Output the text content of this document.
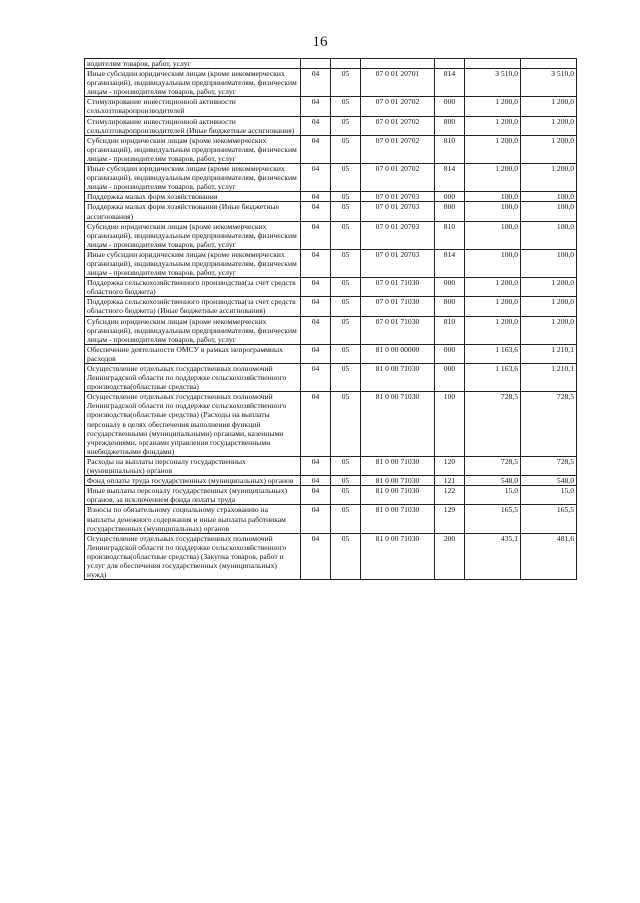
16
водителям товаров, работ, услуг						
Иные субсидии юридическим лицам (кроме некоммерческих организаций), индивидуальным предпринимателям, физическим лицам - производителям товаров, работ, услуг	04	05	07 0 01 20701	814	3 510,0	3 510,0
Стимулирование инвестиционной активности сельхозтоваропроизводителей	04	05	07 0 01 20702	000	1 200,0	1 200,0
Стимулирование инвестиционной активности сельхозтоваропроизводителей (Иные бюджетные ассигнования)	04	05	07 0 01 20702	800	1 200,0	1 200,0
Субсидии юридическим лицам (кроме некоммерческих организаций), индивидуальным предпринимателям, физическим лицам - производителям товаров, работ, услуг	04	05	07 0 01 20702	810	1 200,0	1 200,0
Иные субсидии юридическим лицам (кроме некоммерческих организаций), индивидуальным предпринимателям, физическим лицам - производителям товаров, работ, услуг	04	05	07 0 01 20702	814	1 200,0	1 200,0
Поддержка малых форм хозяйствования	04	05	07 0 01 20703	000	100,0	100,0
Поддержка малых форм хозяйствования (Иные бюджетные ассигнования)	04	05	07 0 01 20703	800	100,0	100,0
Субсидии юридическим лицам (кроме некоммерческих организаций), индивидуальным предпринимателям, физическим лицам - производителям товаров, работ, услуг	04	05	07 0 01 20703	810	100,0	100,0
Иные субсидии юридическим лицам (кроме некоммерческих организаций), индивидуальным предпринимателям, физическим лицам - производителям товаров, работ, услуг	04	05	07 0 01 20703	814	100,0	100,0
Поддержка сельскохозяйственного производства(за счет средств областного бюджета)	04	05	07 0 01 71030	000	1 200,0	1 200,0
Поддержка сельскохозяйственного производства(за счет средств областного бюджета) (Иные бюджетные ассигнования)	04	05	07 0 01 71030	800	1 200,0	1 200,0
Субсидии юридическим лицам (кроме некоммерческих организаций), индивидуальным предпринимателям, физическим лицам - производителям товаров, работ, услуг	04	05	07 0 01 71030	810	1 200,0	1 200,0
Обеспечение деятельности ОМСУ в рамках непрограммных расходов	04	05	81 0 00 00000	000	1 163,6	1 210,1
Осуществление отдельных государственных полномочий Ленинградской области по поддержке сельскохозяйственного производства(областные средства)	04	05	81 0 00 71030	000	1 163,6	1 210,1
Осуществление отдельных государственных полномочий Ленинградской области по поддержке сельскохозяйственного производства(областные средства) (Расходы на выплаты персоналу в целях обеспечения выполнения функций государственными (муниципальными) органами, казенными учреждениями, органами управления государственными внебюджетными фондами)	04	05	81 0 00 71030	100	728,5	728,5
Расходы на выплаты персоналу государственных (муниципальных) органов	04	05	81 0 00 71030	120	728,5	728,5
Фонд оплаты труда государственных (муниципальных) органов	04	05	81 0 00 71030	121	548,0	548,0
Иные выплаты персоналу государственных (муниципальных) органов, за исключением фонда оплаты труда	04	05	81 0 00 71030	122	15,0	15,0
Взносы по обязательному социальному страхованию на выплаты денежного содержания и иные выплаты работникам государственных (муниципальных) органов	04	05	81 0 00 71030	129	165,5	165,5
Осуществление отдельных государственных полномочий Ленинградской области по поддержке сельскохозяйственного производства(областные средства) (Закупка товаров, работ и услуг для обеспечения государственных (муниципальных) нужд)	04	05	81 0 00 71030	200	435,1	481,6
